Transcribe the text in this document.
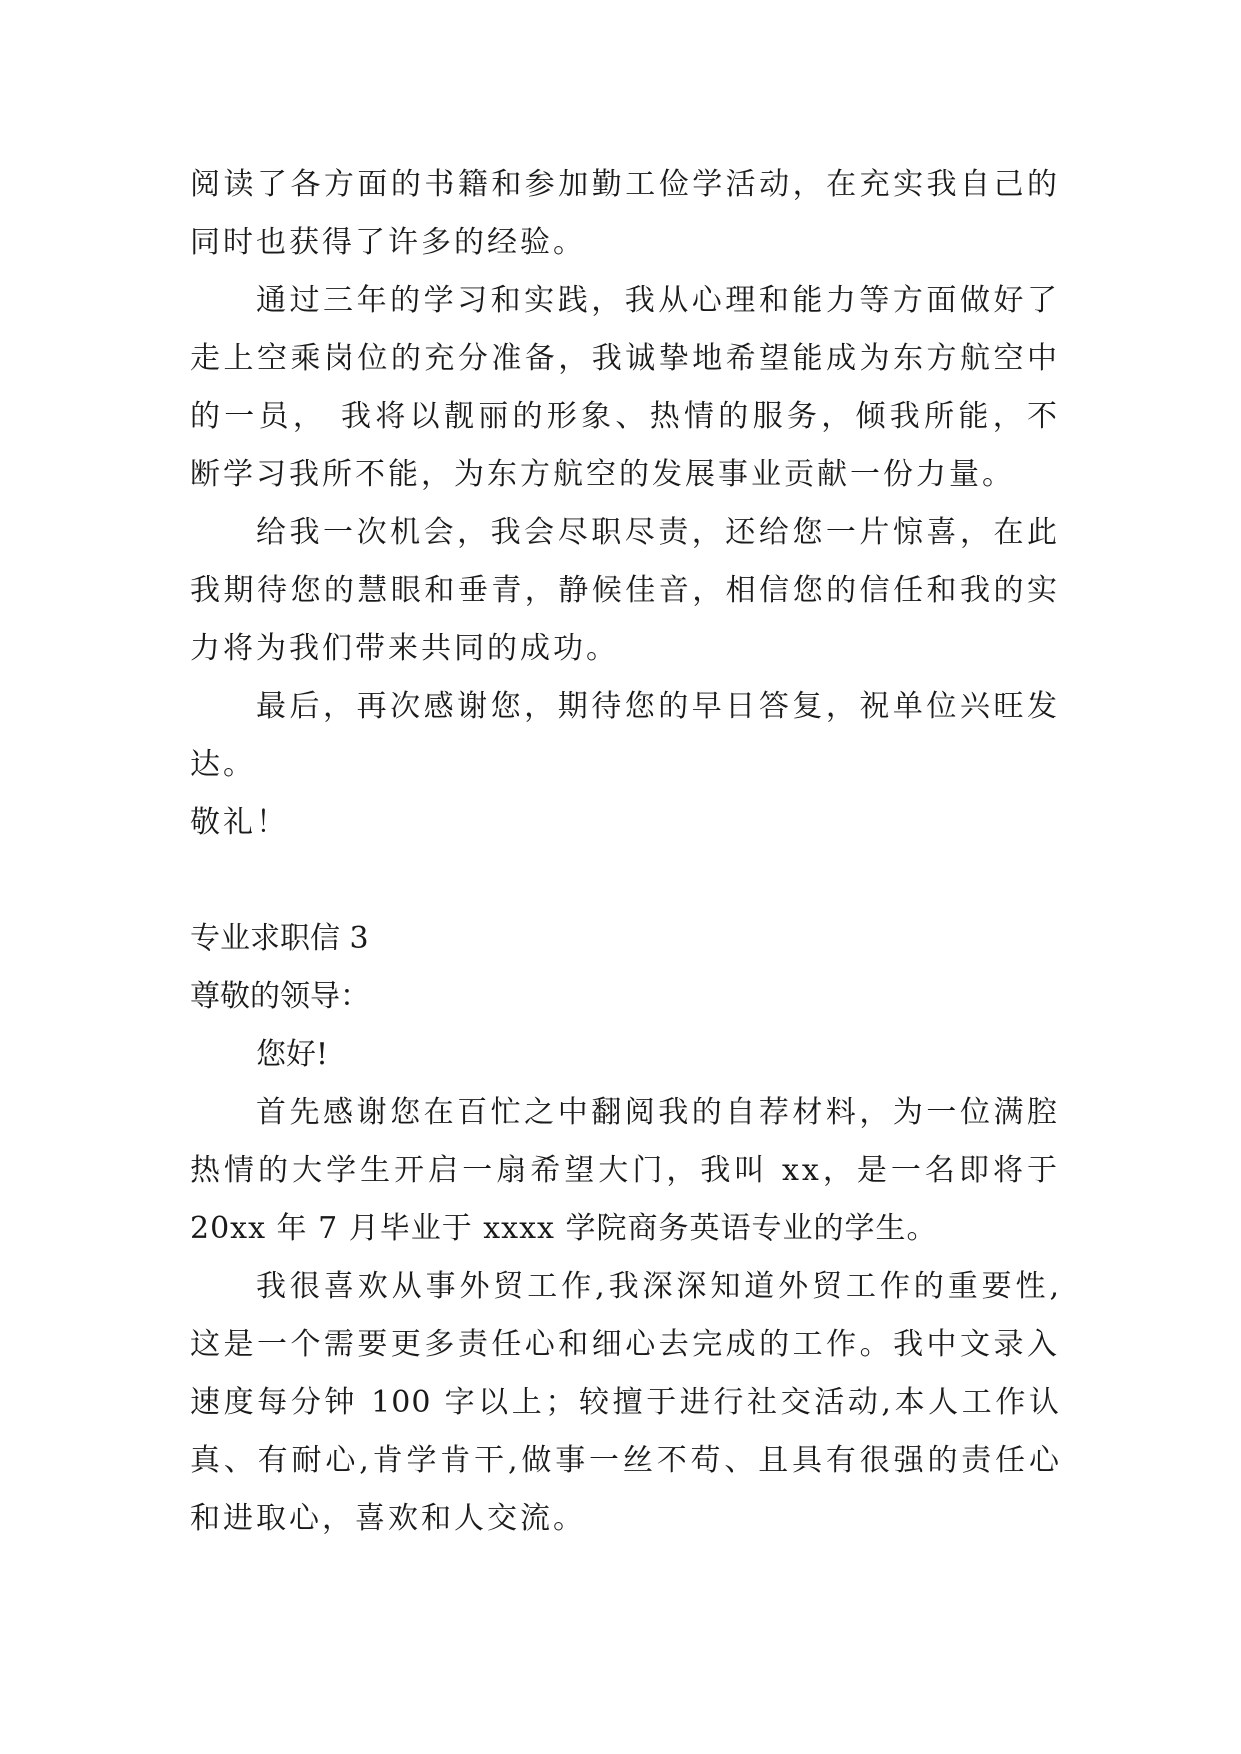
阅读了各方面的书籍和参加勤工俭学活动，在充实我自己的
同时也获得了许多的经验。
通过三年的学习和实践，我从心理和能力等方面做好了
走上空乘岗位的充分准备，我诚挚地希望能成为东方航空中
的一员， 我将以靓丽的形象、热情的服务，倾我所能，不
断学习我所不能，为东方航空的发展事业贡献一份力量。
给我一次机会，我会尽职尽责，还给您一片惊喜，在此
我期待您的慧眼和垂青，静候佳音，相信您的信任和我的实
力将为我们带来共同的成功。
最后，再次感谢您，期待您的早日答复，祝单位兴旺发
达。
敬礼！
专业求职信 3
尊敬的领导：
您好!
首先感谢您在百忙之中翻阅我的自荐材料，为一位满腔
热情的大学生开启一扇希望大门，我叫 xx，是一名即将于
20xx 年 7 月毕业于 xxxx 学院商务英语专业的学生。
我很喜欢从事外贸工作,我深深知道外贸工作的重要性,
这是一个需要更多责任心和细心去完成的工作。我中文录入
速度每分钟 100 字以上；较擅于进行社交活动,本人工作认
真、有耐心,肯学肯干,做事一丝不苟、且具有很强的责任心
和进取心，喜欢和人交流。
